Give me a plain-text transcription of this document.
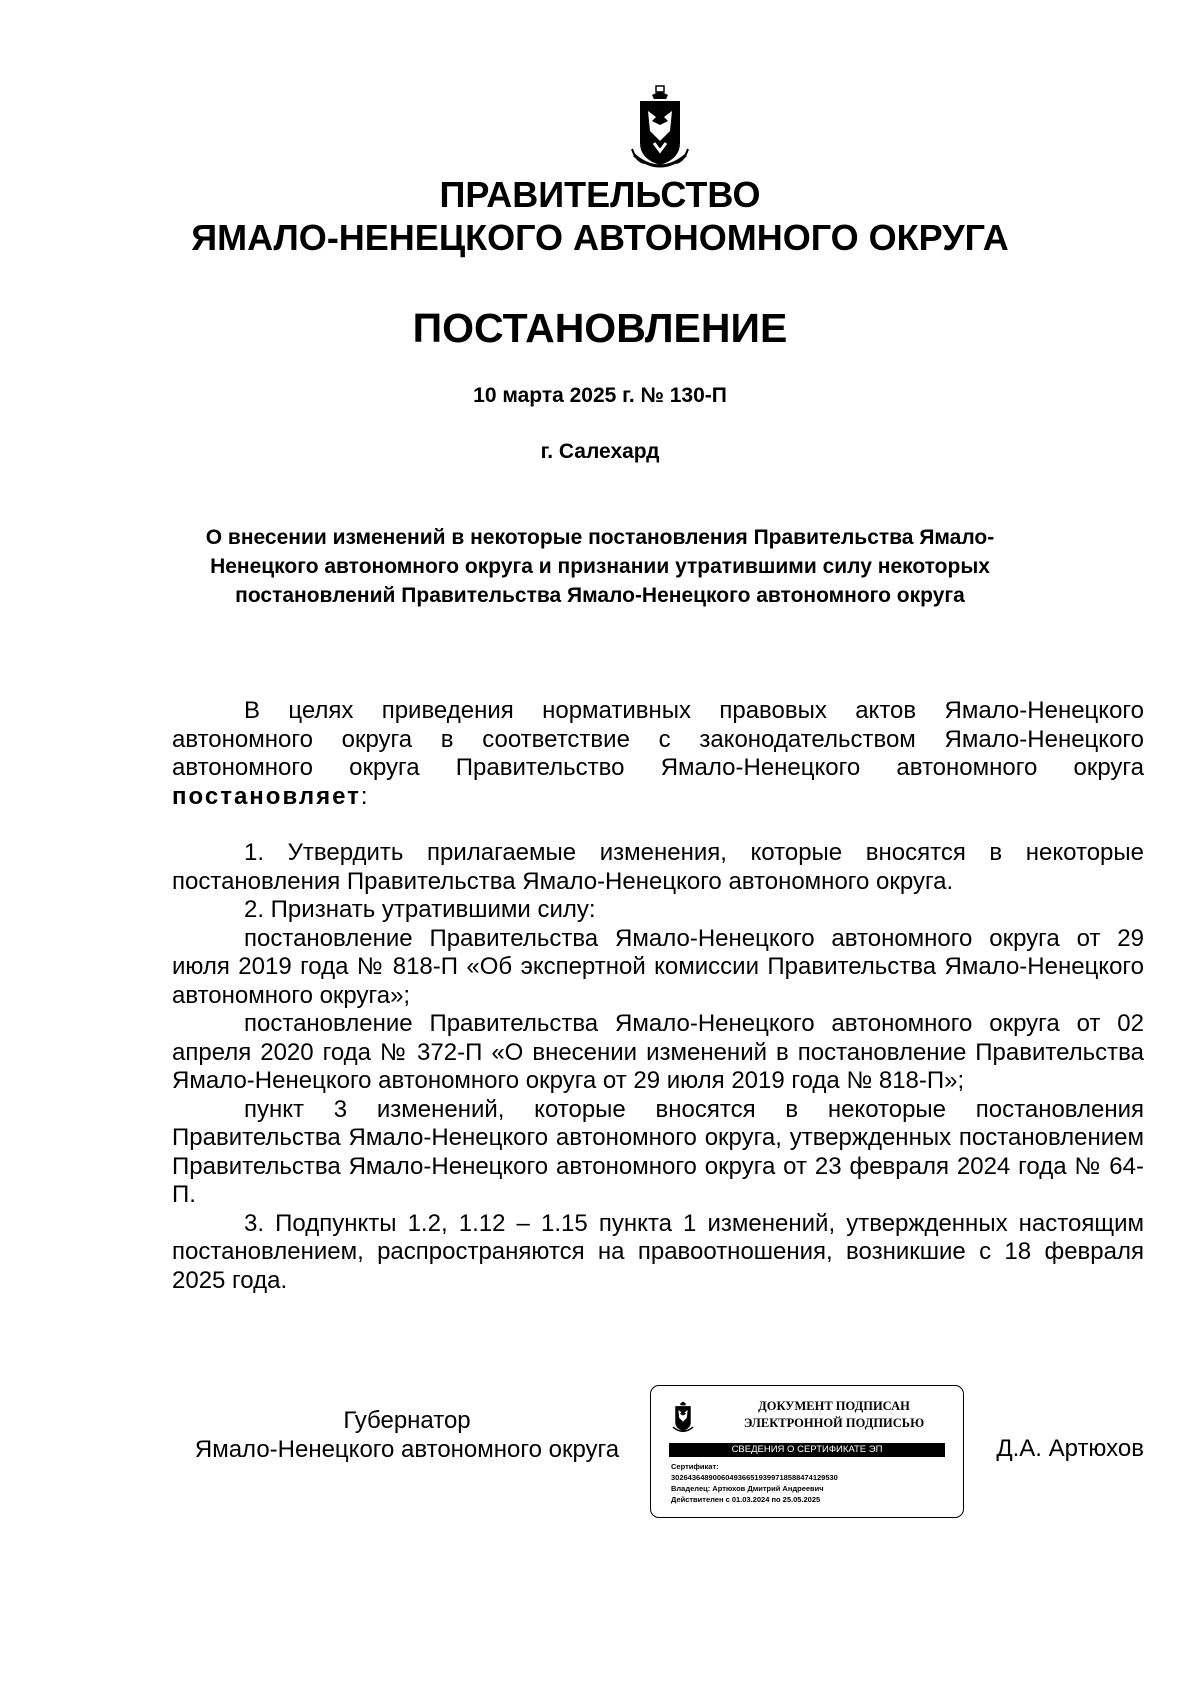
ПРАВИТЕЛЬСТВО
ЯМАЛО-НЕНЕЦКОГО АВТОНОМНОГО ОКРУГА
ПОСТАНОВЛЕНИЕ
10 марта 2025 г. № 130-П
г. Салехард
О внесении изменений в некоторые постановления Правительства Ямало-Ненецкого автономного округа и признании утратившими силу некоторых постановлений Правительства Ямало-Ненецкого автономного округа

В целях приведения нормативных правовых актов Ямало-Ненецкого автономного округа в соответствие с законодательством Ямало-Ненецкого автономного округа Правительство Ямало-Ненецкого автономного округа постановляет:

1. Утвердить прилагаемые изменения, которые вносятся в некоторые постановления Правительства Ямало-Ненецкого автономного округа.

2. Признать утратившими силу:

постановление Правительства Ямало-Ненецкого автономного округа от 29 июля 2019 года № 818-П «Об экспертной комиссии Правительства Ямало-Ненецкого автономного округа»;

постановление Правительства Ямало-Ненецкого автономного округа от 02 апреля 2020 года № 372-П «О внесении изменений в постановление Правительства Ямало-Ненецкого автономного округа от 29 июля 2019 года № 818-П»;

пункт 3 изменений, которые вносятся в некоторые постановления Правительства Ямало-Ненецкого автономного округа, утвержденных постановлением Правительства Ямало-Ненецкого автономного округа от 23 февраля 2024 года № 64-П.

3. Подпункты 1.2, 1.12 – 1.15 пункта 1 изменений, утвержденных настоящим постановлением, распространяются на правоотношения, возникшие с 18 февраля 2025 года.

Губернатор
Ямало-Ненецкого автономного округа
ДОКУМЕНТ ПОДПИСАН
ЭЛЕКТРОННОЙ ПОДПИСЬЮ
СВЕДЕНИЯ О СЕРТИФИКАТЕ ЭП
Сертификат:
30264364890060493665193997185884741295​30
Владелец: Артюхов Дмитрий Андреевич
Действителен с 01.03.2024 по 25.05.2025
Д.А. Артюхов
